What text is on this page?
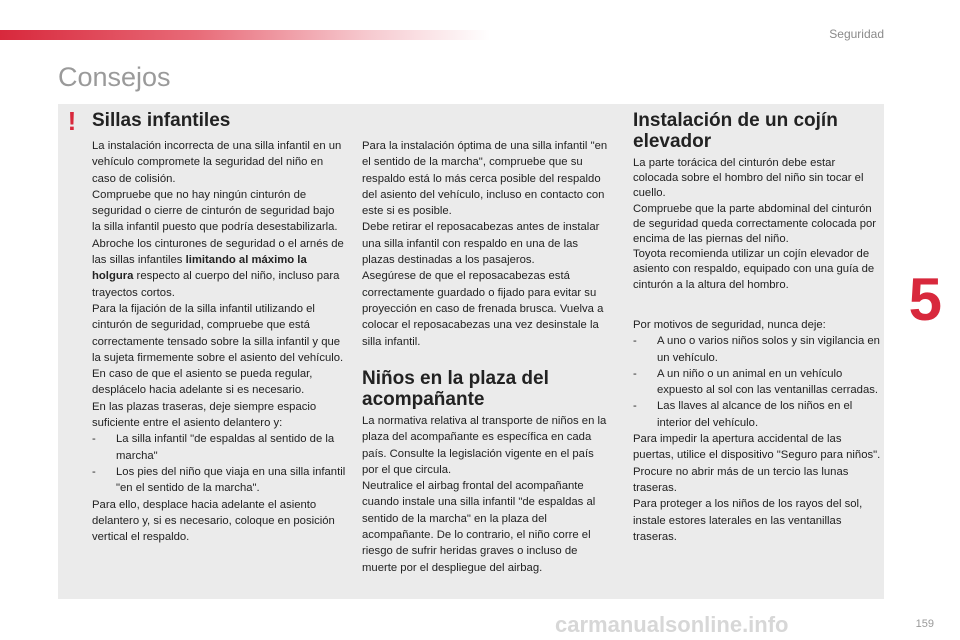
Seguridad
Consejos
! Sillas infantiles

La instalación incorrecta de una silla infantil en un vehículo compromete la seguridad del niño en caso de colisión.

Compruebe que no hay ningún cinturón de seguridad o cierre de cinturón de seguridad bajo la silla infantil puesto que podría desestabilizarla.

Abroche los cinturones de seguridad o el arnés de las sillas infantiles limitando al máximo la holgura respecto al cuerpo del niño, incluso para trayectos cortos.

Para la fijación de la silla infantil utilizando el cinturón de seguridad, compruebe que está correctamente tensado sobre la silla infantil y que la sujeta firmemente sobre el asiento del vehículo. En caso de que el asiento se pueda regular, desplácelo hacia adelante si es necesario.

En las plazas traseras, deje siempre espacio suficiente entre el asiento delantero y:

-	La silla infantil "de espaldas al sentido de la marcha"
-	Los pies del niño que viaja en una silla infantil "en el sentido de la marcha".

Para ello, desplace hacia adelante el asiento delantero y, si es necesario, coloque en posición vertical el respaldo.

Para la instalación óptima de una silla infantil "en el sentido de la marcha", compruebe que su respaldo está lo más cerca posible del respaldo del asiento del vehículo, incluso en contacto con este si es posible.

Debe retirar el reposacabezas antes de instalar una silla infantil con respaldo en una de las plazas destinadas a los pasajeros.

Asegúrese de que el reposacabezas está correctamente guardado o fijado para evitar su proyección en caso de frenada brusca. Vuelva a colocar el reposacabezas una vez desinstale la silla infantil.

Niños en la plaza del acompañante

La normativa relativa al transporte de niños en la plaza del acompañante es específica en cada país. Consulte la legislación vigente en el país por el que circula.

Neutralice el airbag frontal del acompañante cuando instale una silla infantil "de espaldas al sentido de la marcha" en la plaza del acompañante. De lo contrario, el niño corre el riesgo de sufrir heridas graves o incluso de muerte por el despliegue del airbag.

Instalación de un cojín elevador

La parte torácica del cinturón debe estar colocada sobre el hombro del niño sin tocar el cuello.

Compruebe que la parte abdominal del cinturón de seguridad queda correctamente colocada por encima de las piernas del niño.

Toyota recomienda utilizar un cojín elevador de asiento con respaldo, equipado con una guía de cinturón a la altura del hombro.

Por motivos de seguridad, nunca deje:

-	A uno o varios niños solos y sin vigilancia en un vehículo.
-	A un niño o un animal en un vehículo expuesto al sol con las ventanillas cerradas.
-	Las llaves al alcance de los niños en el interior del vehículo.

Para impedir la apertura accidental de las puertas, utilice el dispositivo "Seguro para niños".

Procure no abrir más de un tercio las lunas traseras.

Para proteger a los niños de los rayos del sol, instale estores laterales en las ventanillas traseras.

5
159
carmanualsonline.info
